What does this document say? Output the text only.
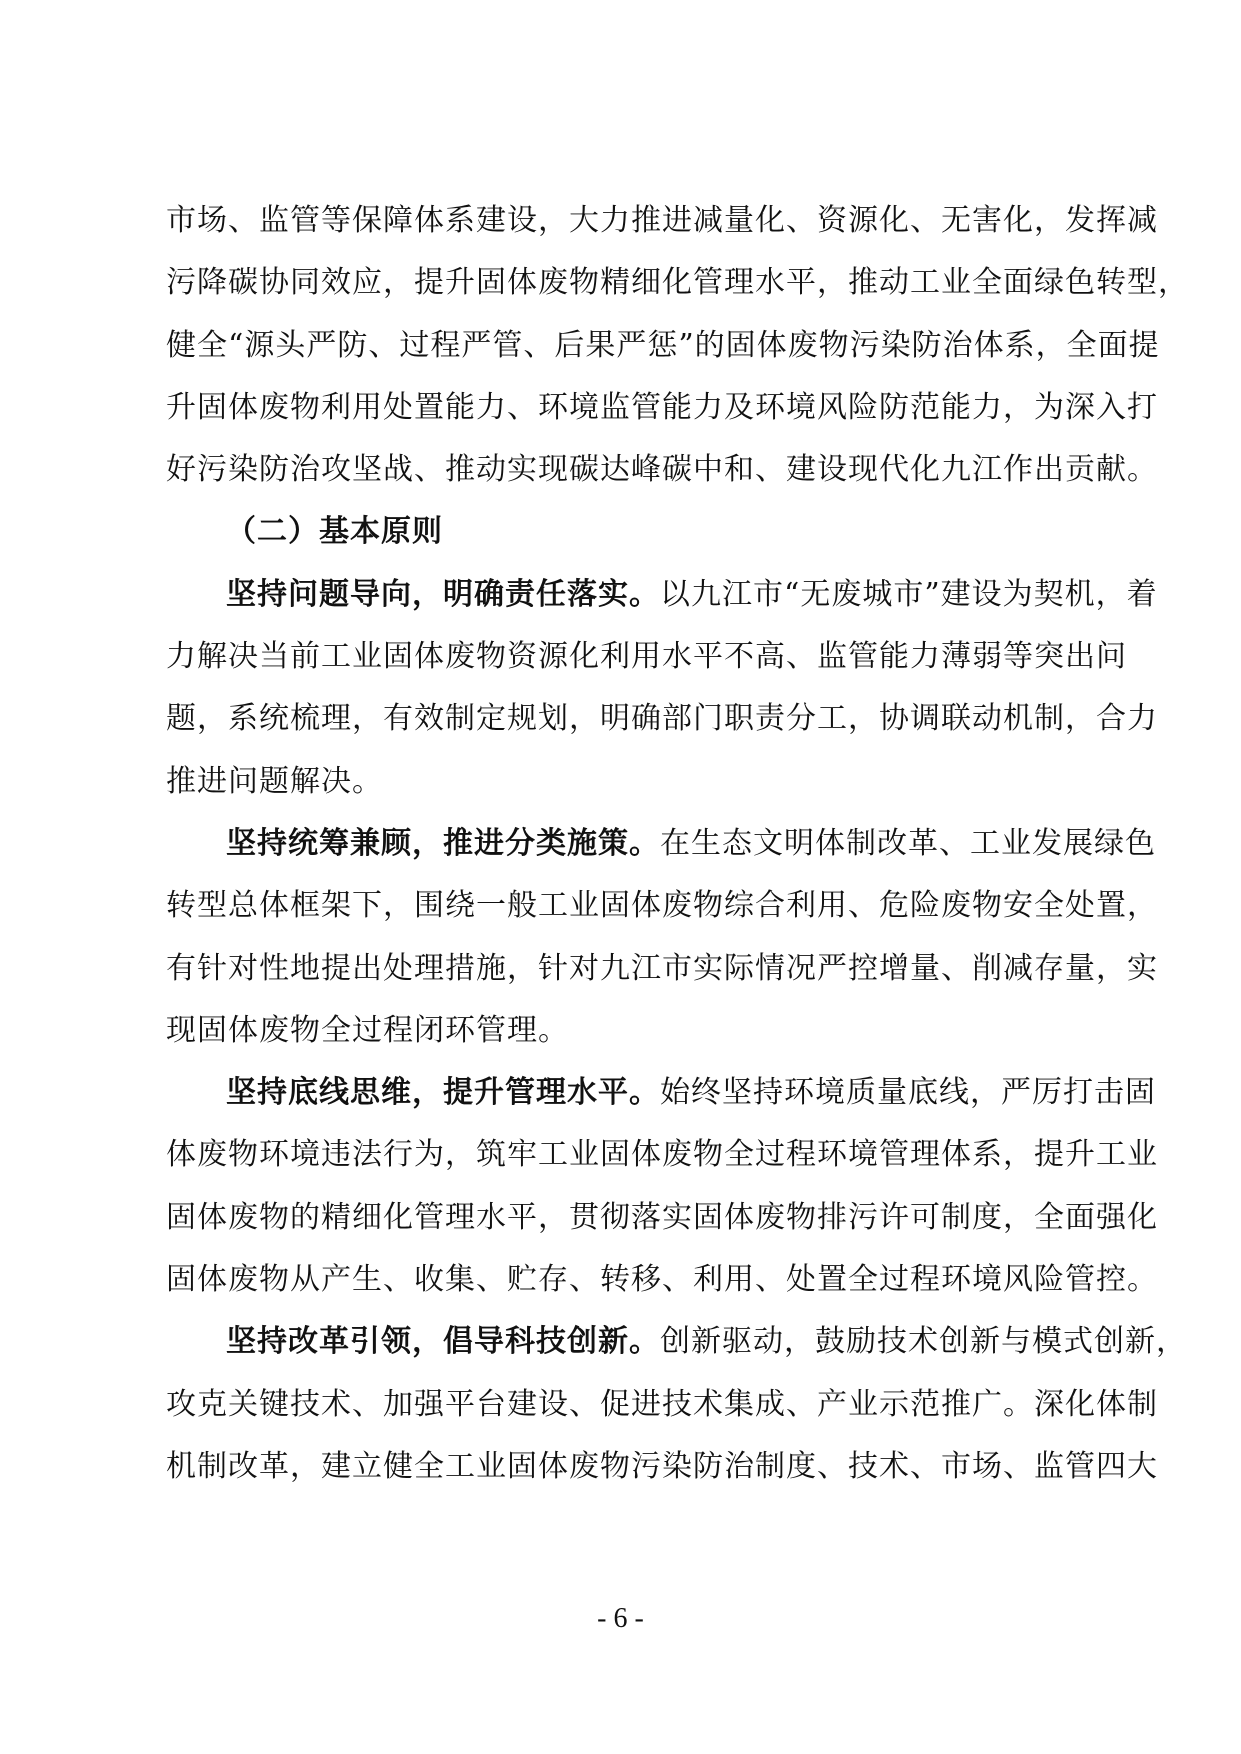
市场、监管等保障体系建设，大力推进减量化、资源化、无害化，发挥减
污降碳协同效应，提升固体废物精细化管理水平，推动工业全面绿色转型，
健全“源头严防、过程严管、后果严惩”的固体废物污染防治体系，全面提
升固体废物利用处置能力、环境监管能力及环境风险防范能力，为深入打
好污染防治攻坚战、推动实现碳达峰碳中和、建设现代化九江作出贡献。
（二）基本原则
坚持问题导向，明确责任落实。以九江市“无废城市”建设为契机，着
力解决当前工业固体废物资源化利用水平不高、监管能力薄弱等突出问
题，系统梳理，有效制定规划，明确部门职责分工，协调联动机制，合力
推进问题解决。
坚持统筹兼顾，推进分类施策。在生态文明体制改革、工业发展绿色
转型总体框架下，围绕一般工业固体废物综合利用、危险废物安全处置，
有针对性地提出处理措施，针对九江市实际情况严控增量、削减存量，实
现固体废物全过程闭环管理。
坚持底线思维，提升管理水平。始终坚持环境质量底线，严厉打击固
体废物环境违法行为，筑牢工业固体废物全过程环境管理体系，提升工业
固体废物的精细化管理水平，贯彻落实固体废物排污许可制度，全面强化
固体废物从产生、收集、贮存、转移、利用、处置全过程环境风险管控。
坚持改革引领，倡导科技创新。创新驱动，鼓励技术创新与模式创新，
攻克关键技术、加强平台建设、促进技术集成、产业示范推广。深化体制
机制改革，建立健全工业固体废物污染防治制度、技术、市场、监管四大
- 6 -
